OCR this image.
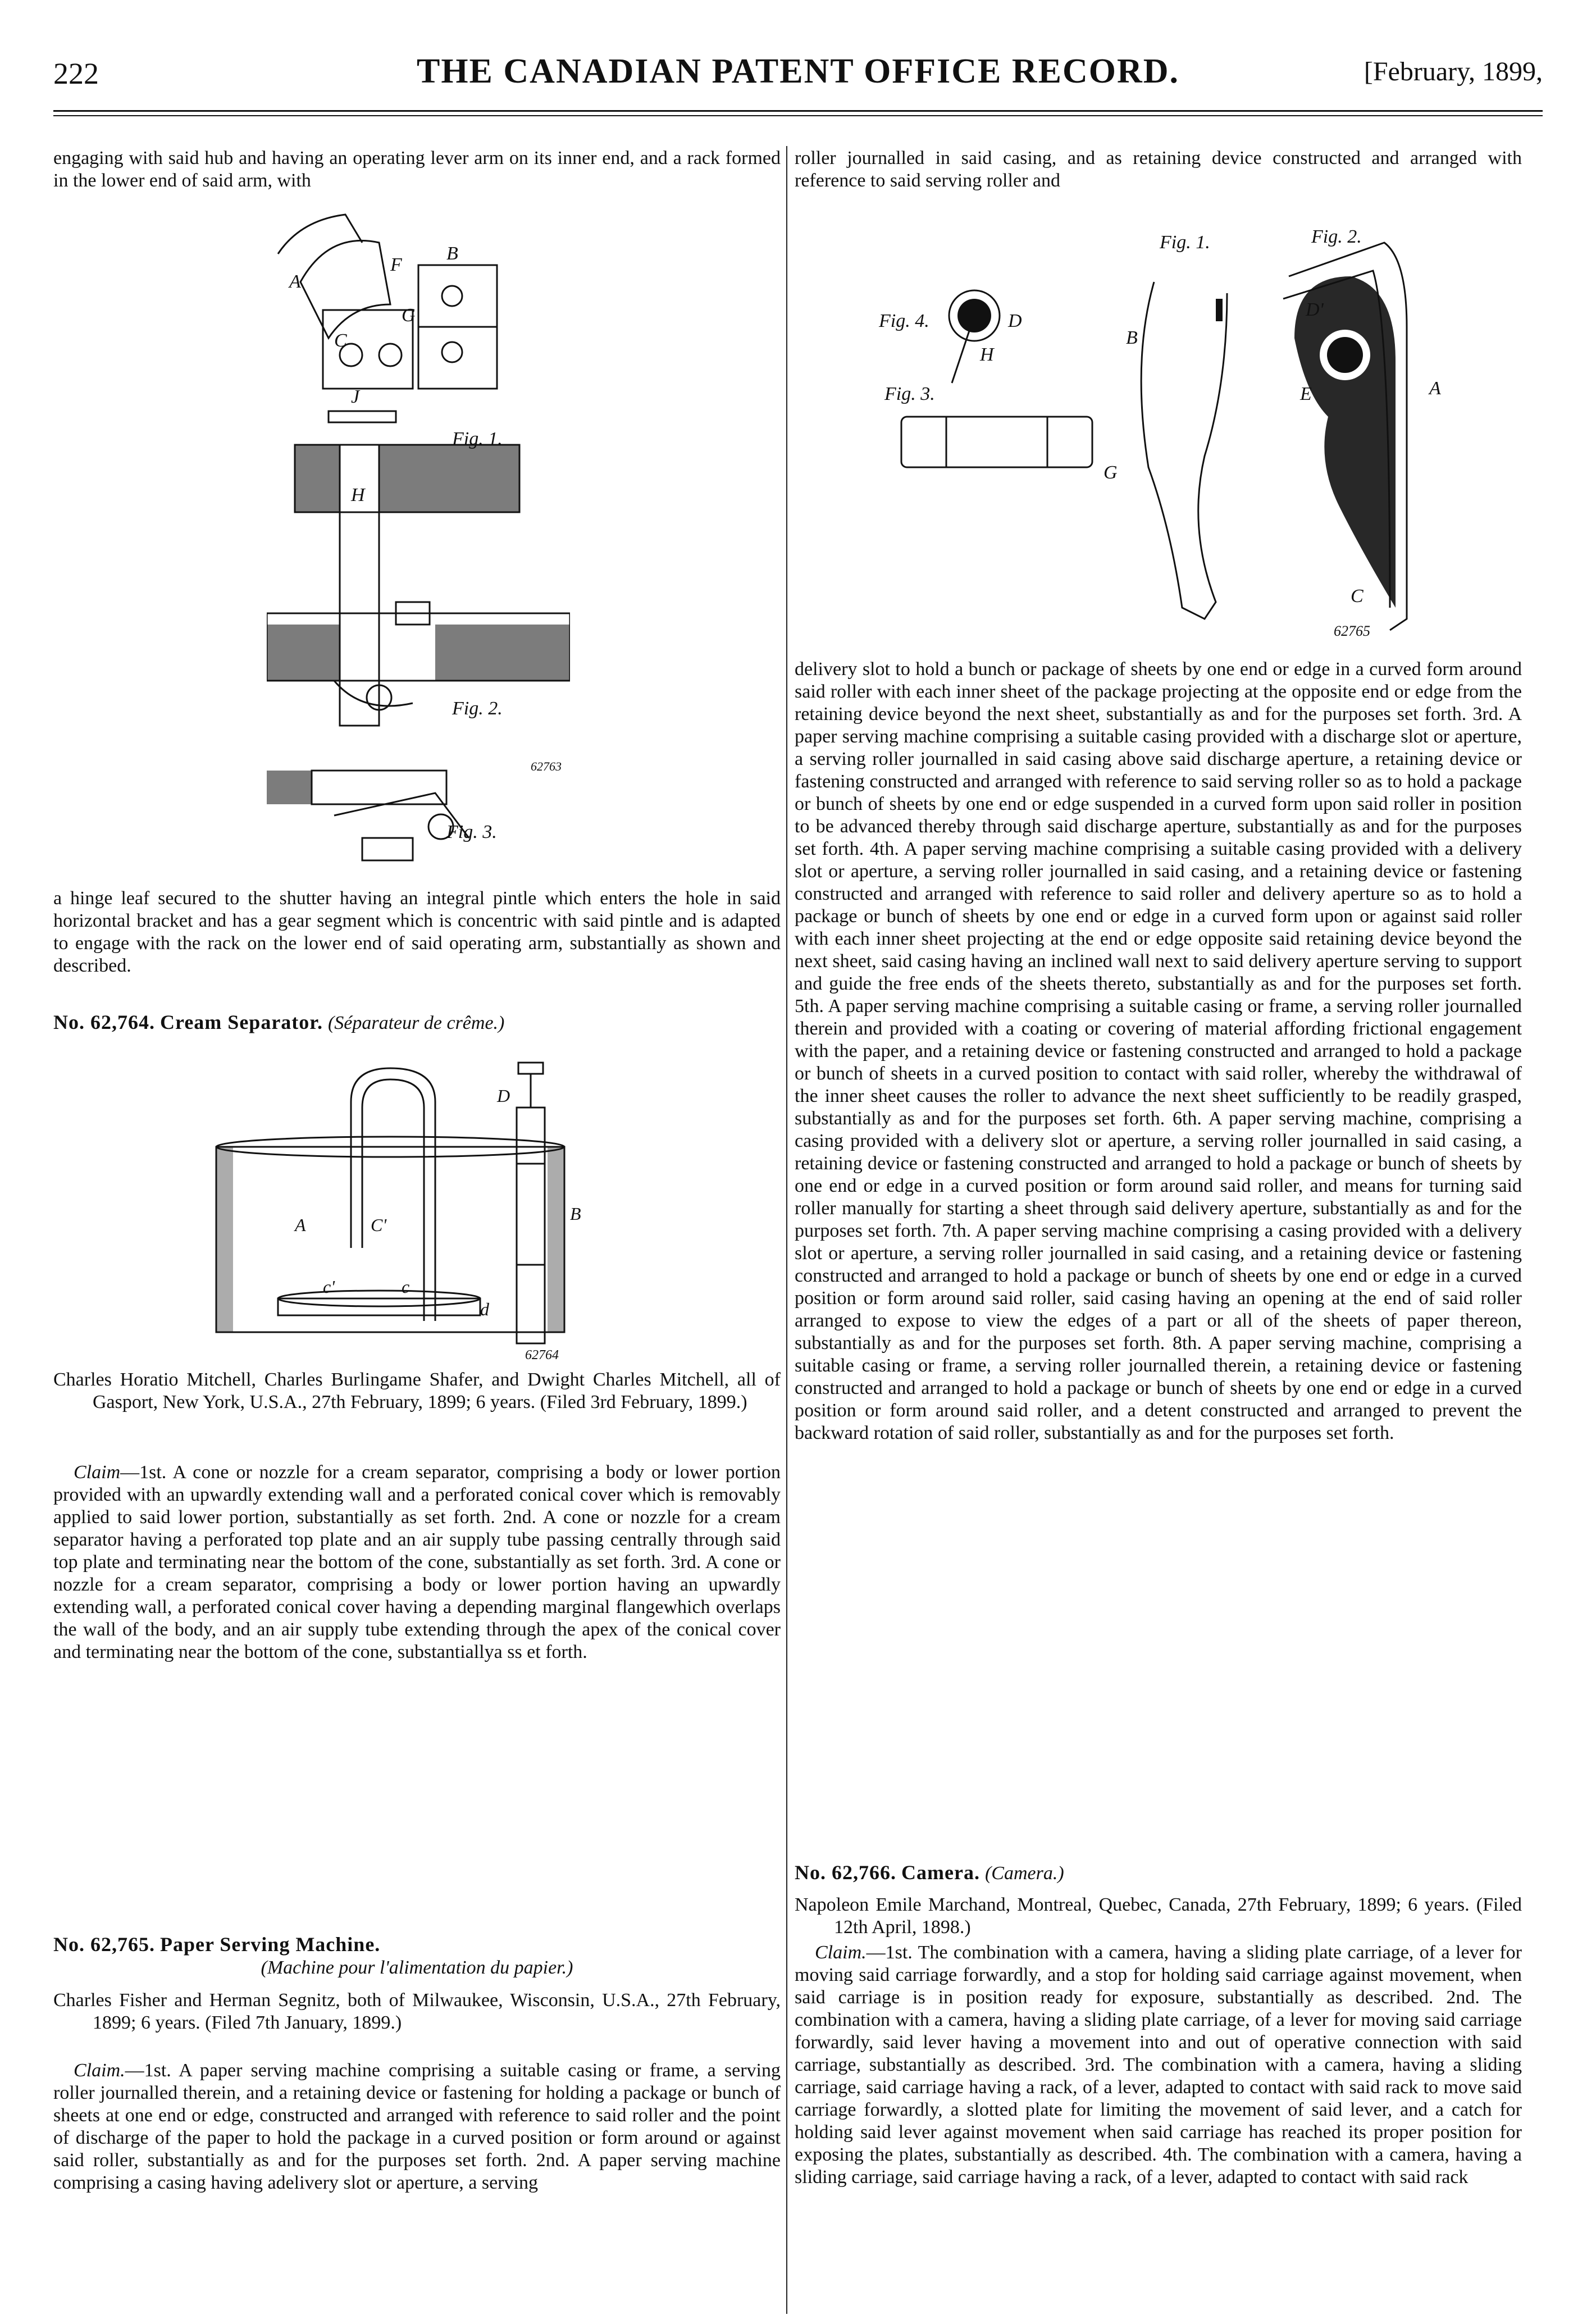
222	THE CANADIAN PATENT OFFICE RECORD.	[February, 1899,
engaging with said hub and having an operating lever arm on its inner end, and a rack formed in the lower end of said arm, with
Fig. 1.
Fig. 2.
Fig. 3.
62763
A
B
C
F
G
H
J
a hinge leaf secured to the shutter having an integral pintle which enters the hole in said horizontal bracket and has a gear segment which is concentric with said pintle and is adapted to engage with the rack on the lower end of said operating arm, substantially as shown and described.
No. 62,764. Cream Separator. (Séparateur de crême.)
A
B
C'
c
c'
D
d
62764
Charles Horatio Mitchell, Charles Burlingame Shafer, and Dwight Charles Mitchell, all of Gasport, New York, U.S.A., 27th February, 1899; 6 years. (Filed 3rd February, 1899.)
Claim—1st. A cone or nozzle for a cream separator, comprising a body or lower portion provided with an upwardly extending wall and a perforated conical cover which is removably applied to said lower portion, substantially as set forth. 2nd. A cone or nozzle for a cream separator having a perforated top plate and an air supply tube passing centrally through said top plate and terminating near the bottom of the cone, substantially as set forth. 3rd. A cone or nozzle for a cream separator, comprising a body or lower portion having an upwardly extending wall, a perforated conical cover having a depending marginal flangewhich overlaps the wall of the body, and an air supply tube extending through the apex of the conical cover and terminating near the bottom of the cone, substantiallya ss et forth.
No. 62,765. Paper Serving Machine.
(Machine pour l'alimentation du papier.)
Charles Fisher and Herman Segnitz, both of Milwaukee, Wisconsin, U.S.A., 27th February, 1899; 6 years. (Filed 7th January, 1899.)
Claim.—1st. A paper serving machine comprising a suitable casing or frame, a serving roller journalled therein, and a retaining device or fastening for holding a package or bunch of sheets at one end or edge, constructed and arranged with reference to said roller and the point of discharge of the paper to hold the package in a curved position or form around or against said roller, substantially as and for the purposes set forth. 2nd. A paper serving machine comprising a casing having adelivery slot or aperture, a serving
roller journalled in said casing, and as retaining device constructed and arranged with reference to said serving roller and
Fig. 1.	Fig. 2.
Fig. 3.
Fig. 4.
A
B
D
D'
C
E
G
H
62765
delivery slot to hold a bunch or package of sheets by one end or edge in a curved form around said roller with each inner sheet of the package projecting at the opposite end or edge from the retaining device beyond the next sheet, substantially as and for the purposes set forth. 3rd. A paper serving machine comprising a suitable casing provided with a discharge slot or aperture, a serving roller journalled in said casing above said discharge aperture, a retaining device or fastening constructed and arranged with reference to said serving roller so as to hold a package or bunch of sheets by one end or edge suspended in a curved form upon said roller in position to be advanced thereby through said discharge aperture, substantially as and for the purposes set forth. 4th. A paper serving machine comprising a suitable casing provided with a delivery slot or aperture, a serving roller journalled in said casing, and a retaining device or fastening constructed and arranged with reference to said roller and delivery aperture so as to hold a package or bunch of sheets by one end or edge in a curved form upon or against said roller with each inner sheet projecting at the end or edge opposite said retaining device beyond the next sheet, said casing having an inclined wall next to said delivery aperture serving to support and guide the free ends of the sheets thereto, substantially as and for the purposes set forth. 5th. A paper serving machine comprising a suitable casing or frame, a serving roller journalled therein and provided with a coating or covering of material affording frictional engagement with the paper, and a retaining device or fastening constructed and arranged to hold a package or bunch of sheets in a curved position to contact with said roller, whereby the withdrawal of the inner sheet causes the roller to advance the next sheet sufficiently to be readily grasped, substantially as and for the purposes set forth. 6th. A paper serving machine, comprising a casing provided with a delivery slot or aperture, a serving roller journalled in said casing, a retaining device or fastening constructed and arranged to hold a package or bunch of sheets by one end or edge in a curved position or form around said roller, and means for turning said roller manually for starting a sheet through said delivery aperture, substantially as and for the purposes set forth. 7th. A paper serving machine comprising a casing provided with a delivery slot or aperture, a serving roller journalled in said casing, and a retaining device or fastening constructed and arranged to hold a package or bunch of sheets by one end or edge in a curved position or form around said roller, said casing having an opening at the end of said roller arranged to expose to view the edges of a part or all of the sheets of paper thereon, substantially as and for the purposes set forth. 8th. A paper serving machine, comprising a suitable casing or frame, a serving roller journalled therein, a retaining device or fastening constructed and arranged to hold a package or bunch of sheets by one end or edge in a curved position or form around said roller, and a detent constructed and arranged to prevent the backward rotation of said roller, substantially as and for the purposes set forth.
No. 62,766. Camera. (Camera.)
Napoleon Emile Marchand, Montreal, Quebec, Canada, 27th February, 1899; 6 years. (Filed 12th April, 1898.)
Claim.—1st. The combination with a camera, having a sliding plate carriage, of a lever for moving said carriage forwardly, and a stop for holding said carriage against movement, when said carriage is in position ready for exposure, substantially as described. 2nd. The combination with a camera, having a sliding plate carriage, of a lever for moving said carriage forwardly, said lever having a movement into and out of operative connection with said carriage, substantially as described. 3rd. The combination with a camera, having a sliding carriage, said carriage having a rack, of a lever, adapted to contact with said rack to move said carriage forwardly, a slotted plate for limiting the movement of said lever, and a catch for holding said lever against movement when said carriage has reached its proper position for exposing the plates, substantially as described. 4th. The combination with a camera, having a sliding carriage, said carriage having a rack, of a lever, adapted to contact with said rack
